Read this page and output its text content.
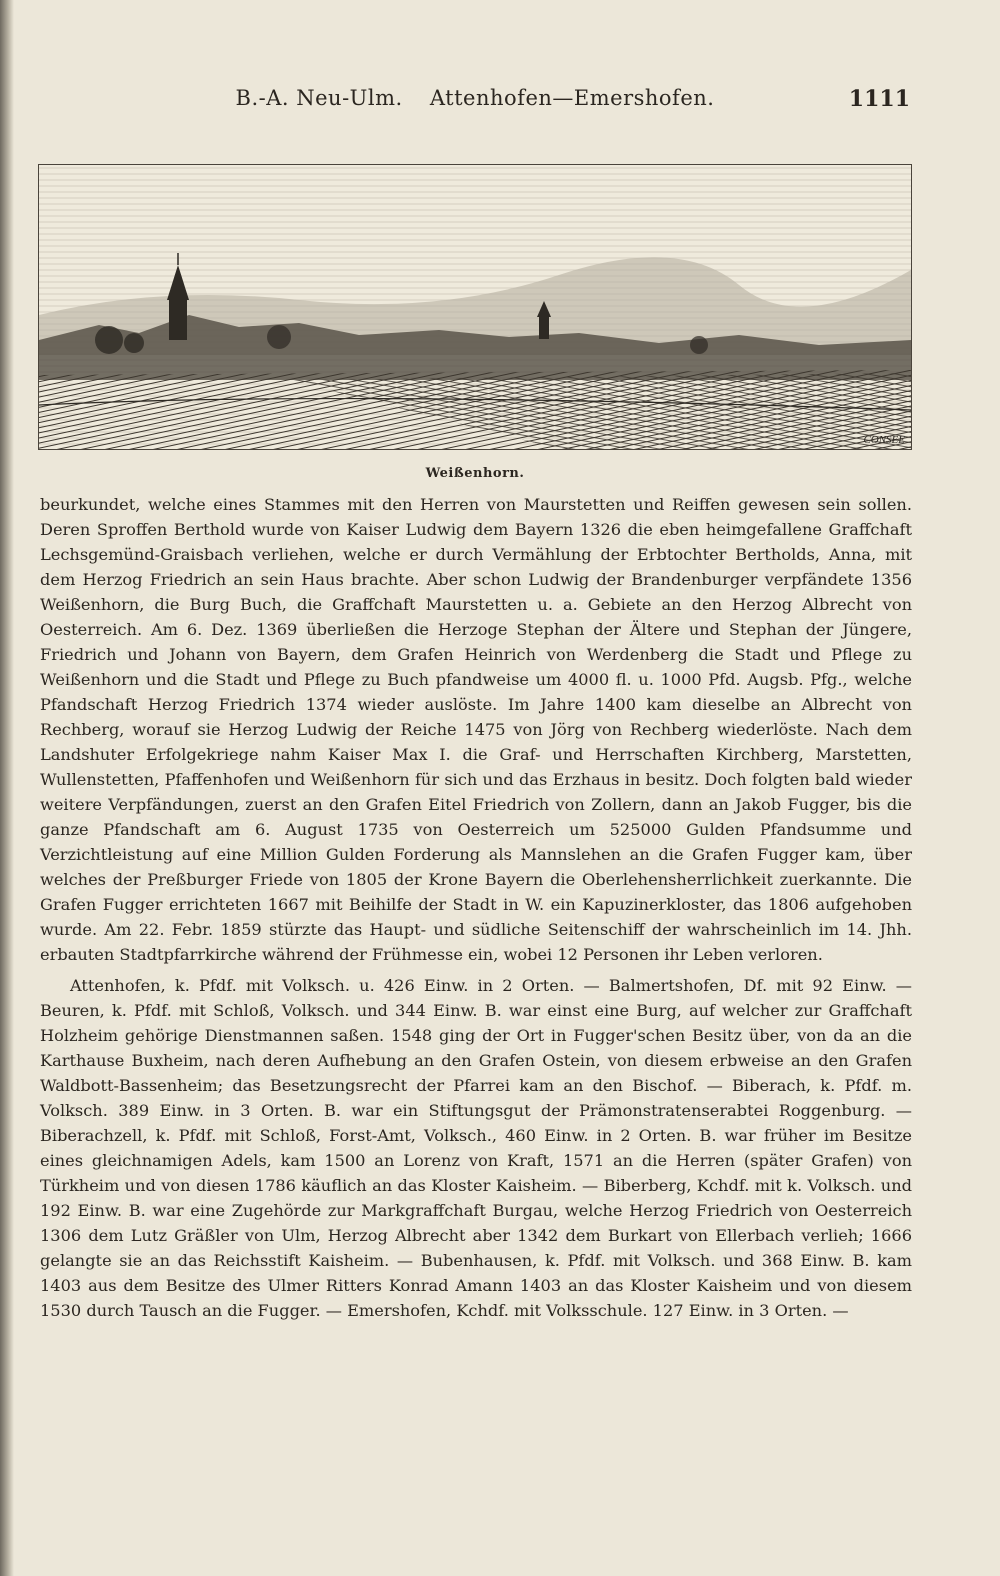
B.-A. Neu-Ulm. Attenhofen—Emershofen.	1111
CONSEE
Weißenhorn.

beurkundet, welche eines Stammes mit den Herren von Maurstetten und Reiffen gewesen sein sollen. Deren Sproffen Berthold wurde von Kaiser Ludwig dem Bayern 1326 die eben heimgefallene Graffchaft Lechsgemünd-Graisbach verliehen, welche er durch Vermählung der Erbtochter Bertholds, Anna, mit dem Herzog Friedrich an sein Haus brachte. Aber schon Ludwig der Brandenburger verpfändete 1356 Weißenhorn, die Burg Buch, die Graffchaft Maurstetten u. a. Gebiete an den Herzog Albrecht von Oesterreich. Am 6. Dez. 1369 überließen die Herzoge Stephan der Ältere und Stephan der Jüngere, Friedrich und Johann von Bayern, dem Grafen Heinrich von Werdenberg die Stadt und Pflege zu Weißenhorn und die Stadt und Pflege zu Buch pfandweise um 4000 fl. u. 1000 Pfd. Augsb. Pfg., welche Pfandschaft Herzog Friedrich 1374 wieder auslöste. Im Jahre 1400 kam dieselbe an Albrecht von Rechberg, worauf sie Herzog Ludwig der Reiche 1475 von Jörg von Rechberg wiederlöste. Nach dem Landshuter Erfolgekriege nahm Kaiser Max I. die Graf- und Herrschaften Kirchberg, Marstetten, Wullenstetten, Pfaffenhofen und Weißenhorn für sich und das Erzhaus in besitz. Doch folgten bald wieder weitere Verpfändungen, zuerst an den Grafen Eitel Friedrich von Zollern, dann an Jakob Fugger, bis die ganze Pfandschaft am 6. August 1735 von Oesterreich um 525000 Gulden Pfandsumme und Verzichtleistung auf eine Million Gulden Forderung als Mannslehen an die Grafen Fugger kam, über welches der Preßburger Friede von 1805 der Krone Bayern die Oberlehensherrlichkeit zuerkannte. Die Grafen Fugger errichteten 1667 mit Beihilfe der Stadt in W. ein Kapuzinerkloster, das 1806 aufgehoben wurde. Am 22. Febr. 1859 stürzte das Haupt- und südliche Seitenschiff der wahrscheinlich im 14. Jhh. erbauten Stadtpfarrkirche während der Frühmesse ein, wobei 12 Personen ihr Leben verloren.

Attenhofen, k. Pfdf. mit Volksch. u. 426 Einw. in 2 Orten. — Balmertshofen, Df. mit 92 Einw. — Beuren, k. Pfdf. mit Schloß, Volksch. und 344 Einw. B. war einst eine Burg, auf welcher zur Graffchaft Holzheim gehörige Dienstmannen saßen. 1548 ging der Ort in Fugger'schen Besitz über, von da an die Karthause Buxheim, nach deren Aufhebung an den Grafen Ostein, von diesem erbweise an den Grafen Waldbott-Bassenheim; das Besetzungsrecht der Pfarrei kam an den Bischof. — Biberach, k. Pfdf. m. Volksch. 389 Einw. in 3 Orten. B. war ein Stiftungsgut der Prämonstratenserabtei Roggenburg. — Biberachzell, k. Pfdf. mit Schloß, Forst-Amt, Volksch., 460 Einw. in 2 Orten. B. war früher im Besitze eines gleichnamigen Adels, kam 1500 an Lorenz von Kraft, 1571 an die Herren (später Grafen) von Türkheim und von diesen 1786 käuflich an das Kloster Kaisheim. — Biberberg, Kchdf. mit k. Volksch. und 192 Einw. B. war eine Zugehörde zur Markgraffchaft Burgau, welche Herzog Friedrich von Oesterreich 1306 dem Lutz Gräßler von Ulm, Herzog Albrecht aber 1342 dem Burkart von Ellerbach verlieh; 1666 gelangte sie an das Reichsstift Kaisheim. — Bubenhausen, k. Pfdf. mit Volksch. und 368 Einw. B. kam 1403 aus dem Besitze des Ulmer Ritters Konrad Amann 1403 an das Kloster Kaisheim und von diesem 1530 durch Tausch an die Fugger. — Emershofen, Kchdf. mit Volksschule. 127 Einw. in 3 Orten. —
